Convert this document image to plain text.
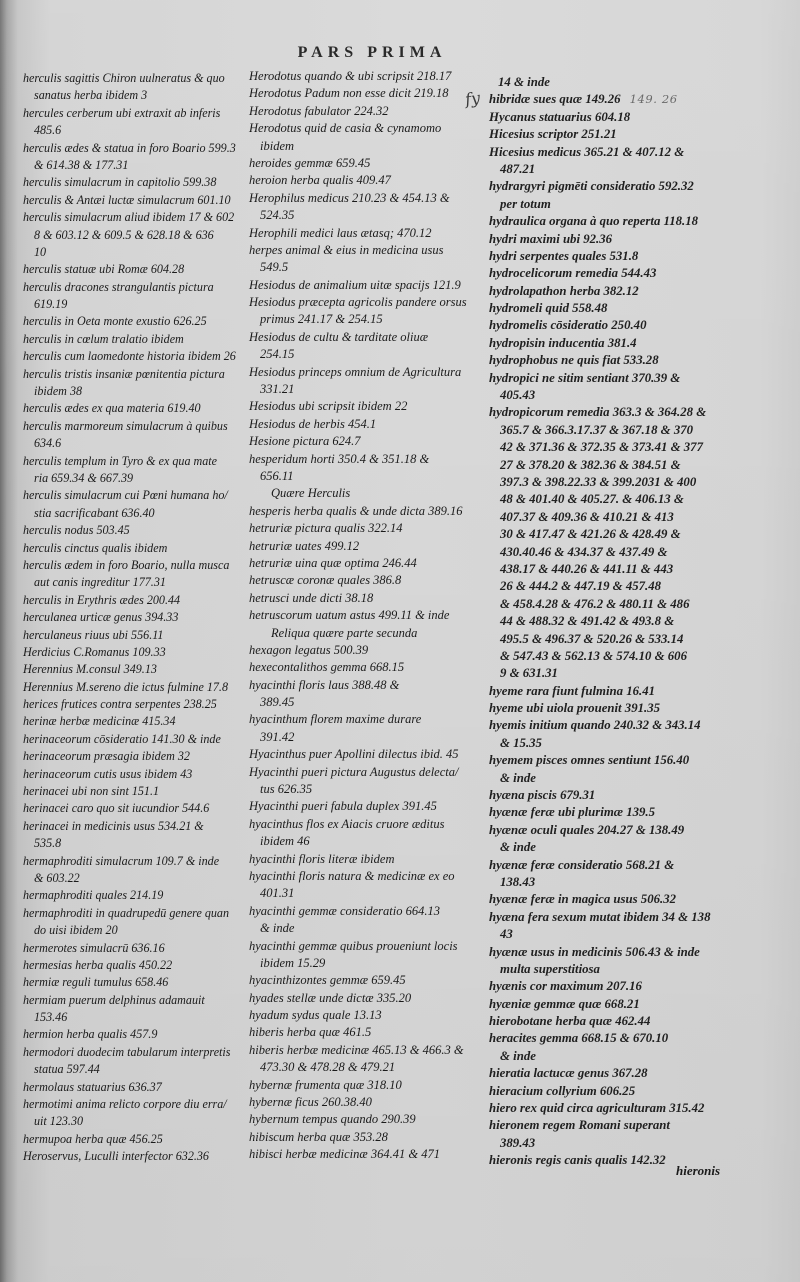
PARS PRIMA
fy
hieronis
herculis sagittis Chiron uulneratus & quo
sanatus herba ibidem 3
hercules cerberum ubi extraxit ab inferis
485.6
herculis ædes & statua in foro Boario 599.3
& 614.38 & 177.31
herculis simulacrum in capitolio 599.38
herculis & Antæi luctæ simulacrum 601.10
herculis simulacrum aliud ibidem 17 & 602
8 & 603.12 & 609.5 & 628.18 & 636
10
herculis statuæ ubi Romæ 604.28
herculis dracones strangulantis pictura
619.19
herculis in Oeta monte exustio 626.25
herculis in cœlum tralatio ibidem
herculis cum laomedonte historia ibidem 26
herculis tristis insaniæ pœnitentia pictura
ibidem 38
herculis ædes ex qua materia 619.40
herculis marmoreum simulacrum à quibus
634.6
herculis templum in Tyro & ex qua mate
ria 659.34 & 667.39
herculis simulacrum cui Pœni humana ho/
stia sacrificabant 636.40
herculis nodus 503.45
herculis cinctus qualis ibidem
herculis ædem in foro Boario, nulla musca
aut canis ingreditur 177.31
herculis in Erythris ædes 200.44
herculanea urticæ genus 394.33
herculaneus riuus ubi 556.11
Herdicius C.Romanus 109.33
Herennius M.consul 349.13
Herennius M.sereno die ictus fulmine 17.8
herices frutices contra serpentes 238.25
herinæ herbæ medicinæ 415.34
herinaceorum cōsideratio 141.30 & inde
herinaceorum præsagia ibidem 32
herinaceorum cutis usus ibidem 43
herinacei ubi non sint 151.1
herinacei caro quo sit iucundior 544.6
herinacei in medicinis usus 534.21 &
535.8
hermaphroditi simulacrum 109.7 & inde
& 603.22
hermaphroditi quales 214.19
hermaphroditi in quadrupedū genere quan
do uisi ibidem 20
hermerotes simulacrū 636.16
hermesias herba qualis 450.22
hermiæ reguli tumulus 658.46
hermiam puerum delphinus adamauit
153.46
hermion herba qualis 457.9
hermodori duodecim tabularum interpretis
statua 597.44
hermolaus statuarius 636.37
hermotimi anima relicto corpore diu erra/
uit 123.30
hermupoa herba quæ 456.25
Heroservus, Luculli interfector 632.36
Herodotus quando & ubi scripsit 218.17
Herodotus Padum non esse dicit 219.18
Herodotus fabulator 224.32
Herodotus quid de casia & cynamomo
ibidem
heroides gemmæ 659.45
heroion herba qualis 409.47
Herophilus medicus 210.23 & 454.13 &
524.35
Herophili medici laus ætasq; 470.12
herpes animal & eius in medicina usus
549.5
Hesiodus de animalium uitæ spacijs 121.9
Hesiodus præcepta agricolis pandere orsus
primus 241.17 & 254.15
Hesiodus de cultu & tarditate oliuæ
254.15
Hesiodus princeps omnium de Agricultura
331.21
Hesiodus ubi scripsit ibidem 22
Hesiodus de herbis 454.1
Hesione pictura 624.7
hesperidum horti 350.4 & 351.18 &
656.11
Quære Herculis
hesperis herba qualis & unde dicta 389.16
hetruriæ pictura qualis 322.14
hetruriæ uates 499.12
hetruriæ uina quæ optima 246.44
hetruscæ coronæ quales 386.8
hetrusci unde dicti 38.18
hetruscorum uatum astus 499.11 & inde
Reliqua quære parte secunda
hexagon legatus 500.39
hexecontalithos gemma 668.15
hyacinthi floris laus 388.48 &
389.45
hyacinthum florem maxime durare
391.42
Hyacinthus puer Apollini dilectus ibid. 45
Hyacinthi pueri pictura Augustus delecta/
tus 626.35
Hyacinthi pueri fabula duplex 391.45
hyacinthus flos ex Aiacis cruore æditus
ibidem 46
hyacinthi floris literæ ibidem
hyacinthi floris natura & medicinæ ex eo
401.31
hyacinthi gemmæ consideratio 664.13
& inde
hyacinthi gemmæ quibus proueniunt locis
ibidem 15.29
hyacinthizontes gemmæ 659.45
hyades stellæ unde dictæ 335.20
hyadum sydus quale 13.13
hiberis herba quæ 461.5
hiberis herbæ medicinæ 465.13 & 466.3 &
473.30 & 478.28 & 479.21
hybernæ frumenta quæ 318.10
hybernæ ficus 260.38.40
hybernum tempus quando 290.39
hibiscum herba quæ 353.28
hibisci herbæ medicinæ 364.41 & 471
14 & inde
hibridæ sues quæ 149.26 149. 26
Hycanus statuarius 604.18
Hicesius scriptor 251.21
Hicesius medicus 365.21 & 407.12 &
487.21
hydrargyri pigmēti consideratio 592.32
per totum
hydraulica organa à quo reperta 118.18
hydri maximi ubi 92.36
hydri serpentes quales 531.8
hydrocelicorum remedia 544.43
hydrolapathon herba 382.12
hydromeli quid 558.48
hydromelis cōsideratio 250.40
hydropisin inducentia 381.4
hydrophobus ne quis fiat 533.28
hydropici ne sitim sentiant 370.39 &
405.43
hydropicorum remedia 363.3 & 364.28 &
365.7 & 366.3.17.37 & 367.18 & 370
42 & 371.36 & 372.35 & 373.41 & 377
27 & 378.20 & 382.36 & 384.51 &
397.3 & 398.22.33 & 399.2031 & 400
48 & 401.40 & 405.27. & 406.13 &
407.37 & 409.36 & 410.21 & 413
30 & 417.47 & 421.26 & 428.49 &
430.40.46 & 434.37 & 437.49 &
438.17 & 440.26 & 441.11 & 443
26 & 444.2 & 447.19 & 457.48
& 458.4.28 & 476.2 & 480.11 & 486
44 & 488.32 & 491.42 & 493.8 &
495.5 & 496.37 & 520.26 & 533.14
& 547.43 & 562.13 & 574.10 & 606
9 & 631.31
hyeme rara fiunt fulmina 16.41
hyeme ubi uiola prouenit 391.35
hyemis initium quando 240.32 & 343.14
& 15.35
hyemem pisces omnes sentiunt 156.40
& inde
hyæna piscis 679.31
hyænæ feræ ubi plurimæ 139.5
hyænæ oculi quales 204.27 & 138.49
& inde
hyænæ feræ consideratio 568.21 &
138.43
hyænæ feræ in magica usus 506.32
hyæna fera sexum mutat ibidem 34 & 138
43
hyænæ usus in medicinis 506.43 & inde
multa superstitiosa
hyænis cor maximum 207.16
hyæniæ gemmæ quæ 668.21
hierobotane herba quæ 462.44
heracites gemma 668.15 & 670.10
& inde
hieratia lactucæ genus 367.28
hieracium collyrium 606.25
hiero rex quid circa agriculturam 315.42
hieronem regem Romani superant
389.43
hieronis regis canis qualis 142.32
